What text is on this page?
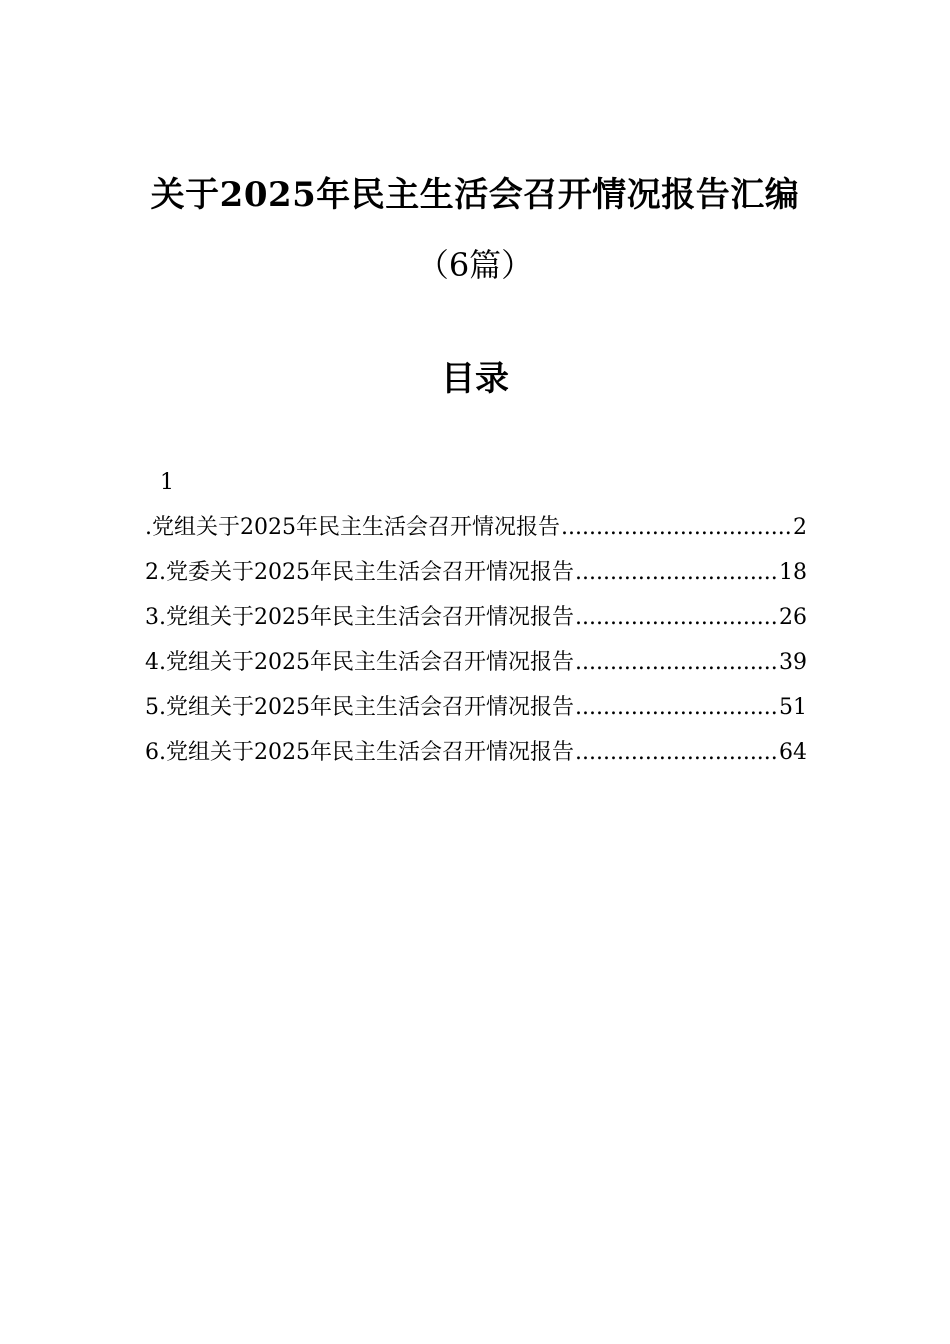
关于2025年民主生活会召开情况报告汇编
（6篇）
目录
1
.党组关于2025年民主生活会召开情况报告 .....	2
2.党委关于2025年民主生活会召开情况报告 .....	18
3.党组关于2025年民主生活会召开情况报告 .....	26
4.党组关于2025年民主生活会召开情况报告 .....	39
5.党组关于2025年民主生活会召开情况报告 .....	51
6.党组关于2025年民主生活会召开情况报告 .....	64
